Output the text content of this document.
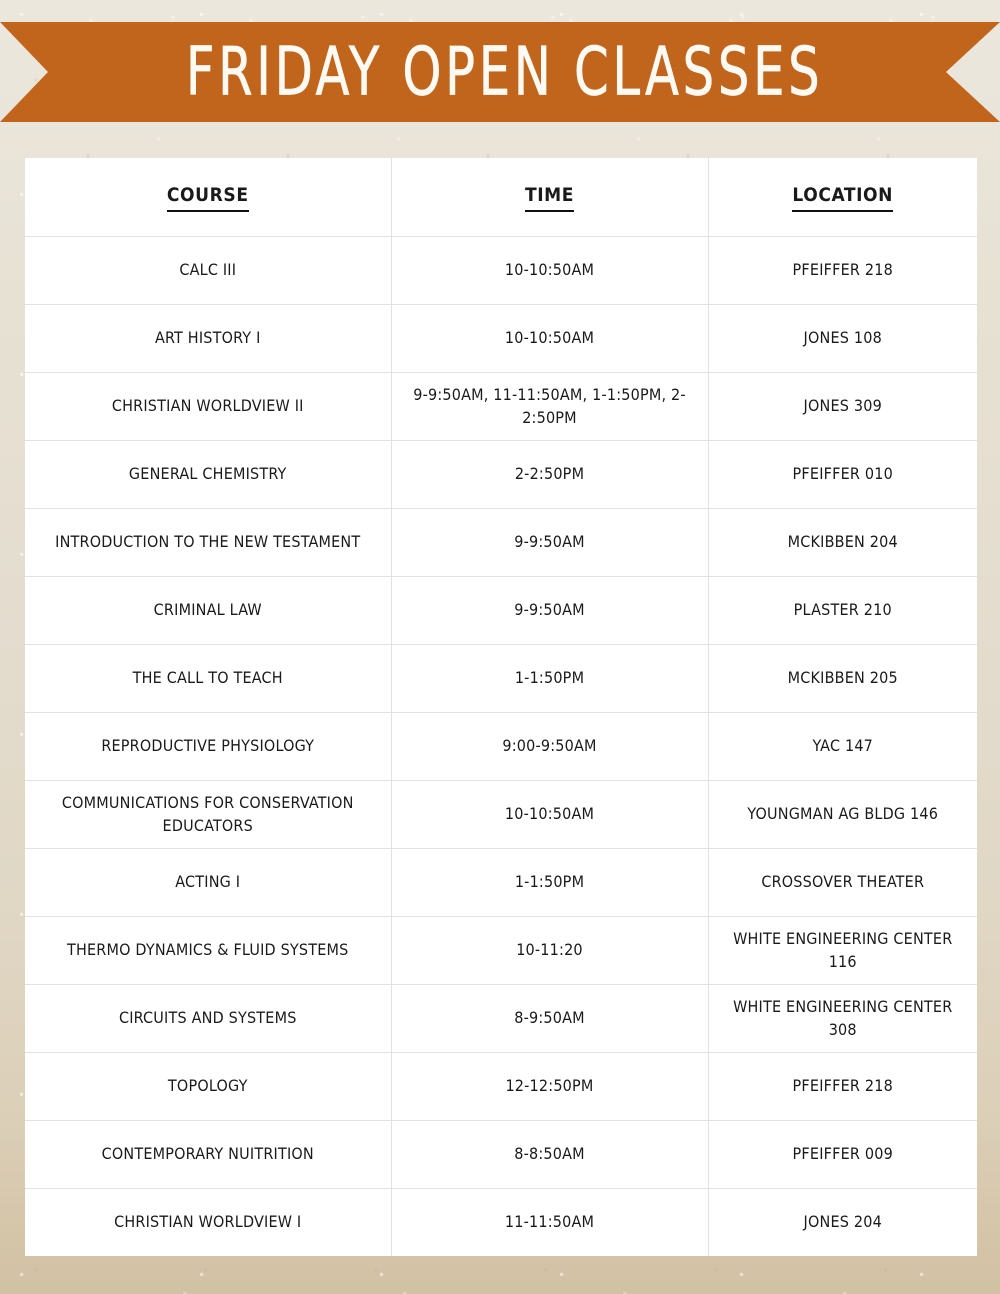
FRIDAY OPEN CLASSES
COURSE	TIME	LOCATION
CALC III	10-10:50AM	PFEIFFER 218
ART HISTORY I	10-10:50AM	JONES 108
CHRISTIAN WORLDVIEW II	9-9:50AM, 11-11:50AM, 1-1:50PM, 2-2:50PM	JONES 309
GENERAL CHEMISTRY	2-2:50PM	PFEIFFER 010
INTRODUCTION TO THE NEW TESTAMENT	9-9:50AM	MCKIBBEN 204
CRIMINAL LAW	9-9:50AM	PLASTER 210
THE CALL TO TEACH	1-1:50PM	MCKIBBEN 205
REPRODUCTIVE PHYSIOLOGY	9:00-9:50AM	YAC 147
COMMUNICATIONS FOR CONSERVATION EDUCATORS	10-10:50AM	YOUNGMAN AG BLDG 146
ACTING I	1-1:50PM	CROSSOVER THEATER
THERMO DYNAMICS & FLUID SYSTEMS	10-11:20	WHITE ENGINEERING CENTER 116
CIRCUITS AND SYSTEMS	8-9:50AM	WHITE ENGINEERING CENTER 308
TOPOLOGY	12-12:50PM	PFEIFFER 218
CONTEMPORARY NUITRITION	8-8:50AM	PFEIFFER 009
CHRISTIAN WORLDVIEW I	11-11:50AM	JONES 204
